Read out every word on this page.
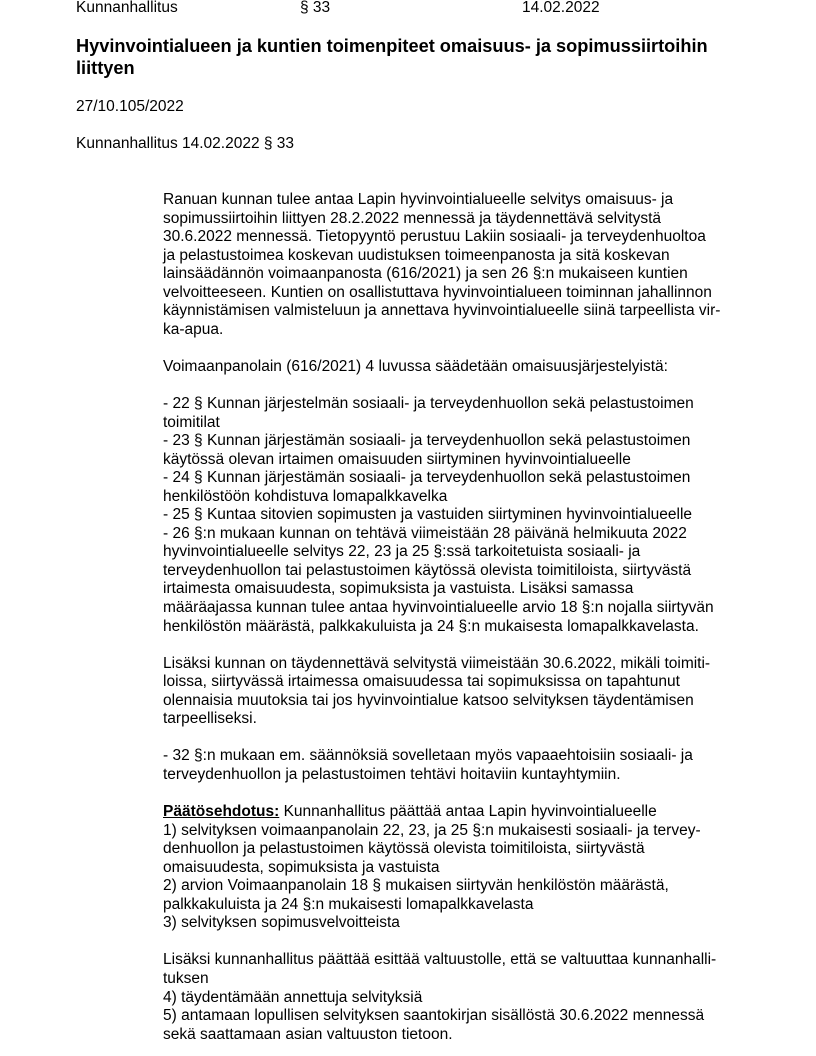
Kunnanhallitus	§ 33	14.02.2022
Hyvinvointialueen ja kuntien toimenpiteet omaisuus- ja sopimussiirtoihin
liittyen
27/10.105/2022
Kunnanhallitus 14.02.2022 § 33
Ranuan kunnan tulee antaa Lapin hyvinvointialueelle selvitys omaisuus- ja
sopimussiirtoihin liittyen 28.2.2022 mennessä ja täydennettävä selvitystä
30.6.2022 mennessä. Tietopyyntö perustuu Lakiin sosiaali- ja terveydenhuoltoa
ja pelastustoimea koskevan uudistuksen toimeenpanosta ja sitä koskevan
lainsäädännön voimaanpanosta (616/2021) ja sen 26 §:n mukaiseen kuntien
velvoitteeseen. Kuntien on osallistuttava hyvinvointialueen toiminnan jahallinnon
käynnistämisen valmisteluun ja annettava hyvinvointialueelle siinä tarpeellista vir-
ka-apua.
Voimaanpanolain (616/2021) 4 luvussa säädetään omaisuusjärjestelyistä:
- 22 § Kunnan järjestelmän sosiaali- ja terveydenhuollon sekä pelastustoimen
toimitilat
- 23 § Kunnan järjestämän sosiaali- ja terveydenhuollon sekä pelastustoimen
käytössä olevan irtaimen omaisuuden siirtyminen hyvinvointialueelle
- 24 § Kunnan järjestämän sosiaali- ja terveydenhuollon sekä pelastustoimen
henkilöstöön kohdistuva lomapalkkavelka
- 25 § Kuntaa sitovien sopimusten ja vastuiden siirtyminen hyvinvointialueelle
- 26 §:n mukaan kunnan on tehtävä viimeistään 28 päivänä helmikuuta 2022
hyvinvointialueelle selvitys 22, 23 ja 25 §:ssä tarkoitetuista sosiaali- ja
terveydenhuollon tai pelastustoimen käytössä olevista toimitiloista, siirtyvästä
irtaimesta omaisuudesta, sopimuksista ja vastuista. Lisäksi samassa
määräajassa kunnan tulee antaa hyvinvointialueelle arvio 18 §:n nojalla siirtyvän
henkilöstön määrästä, palkkakuluista ja 24 §:n mukaisesta lomapalkkavelasta.
Lisäksi kunnan on täydennettävä selvitystä viimeistään 30.6.2022, mikäli toimiti-
loissa, siirtyvässä irtaimessa omaisuudessa tai sopimuksissa on tapahtunut
olennaisia muutoksia tai jos hyvinvointialue katsoo selvityksen täydentämisen
tarpeelliseksi.
- 32 §:n mukaan em. säännöksiä sovelletaan myös vapaaehtoisiin sosiaali- ja
terveydenhuollon ja pelastustoimen tehtävi hoitaviin kuntayhtymiin.
Päätösehdotus: Kunnanhallitus päättää antaa Lapin hyvinvointialueelle
1) selvityksen voimaanpanolain 22, 23, ja 25 §:n mukaisesti sosiaali- ja tervey-
denhuollon ja pelastustoimen käytössä olevista toimitiloista, siirtyvästä
omaisuudesta, sopimuksista ja vastuista
2) arvion Voimaanpanolain 18 § mukaisen siirtyvän henkilöstön määrästä,
palkkakuluista ja 24 §:n mukaisesti lomapalkkavelasta
3) selvityksen sopimusvelvoitteista
Lisäksi kunnanhallitus päättää esittää valtuustolle, että se valtuuttaa kunnanhalli-
tuksen
4) täydentämään annettuja selvityksiä
5) antamaan lopullisen selvityksen saantokirjan sisällöstä 30.6.2022 mennessä
sekä saattamaan asian valtuuston tietoon.
